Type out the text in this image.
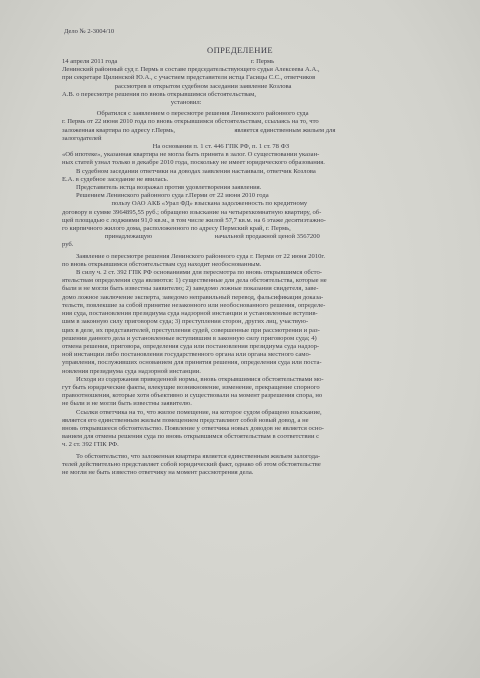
Дело № 2-3004/10
ОПРЕДЕЛЕНИЕ

14 апреля 2011 года                                                                                 г. Пермь

Ленинский районный суд г. Пермь в составе председательствующего судьи Алексеева А.А.,

при секретаре Цилинской Ю.А., с участием представителя истца Гасицы С.С., ответчиков

рассмотрев в открытом судебном заседании заявление Козлова

А.В. о пересмотре решения по вновь открывшимся обстоятельствам,

установил:

Обратился с заявлением о пересмотре решения Ленинского районного суда

г. Пермь от 22 июня 2010 года по вновь открывшимся обстоятельствам, ссылаясь на то, что

заложенная квартира по адресу г.Пермь,                                    является единственным жильем для

залогодателей

На основании п. 1 ст. 446 ГПК РФ, п. 1 ст. 78 ФЗ

«Об ипотеке», указанная квартира не могла быть принята в залог. О существовании указан-

ных статей узнал только в декабре 2010 года, поскольку не имеет юридического образования.

В судебном заседании ответчики на доводах заявления настаивали, ответчик Козлова

Е.А. в судебное заседание не явилась.

Представитель истца возражал против удовлетворения заявления.

Решением Ленинского районного суда г.Перми от 22 июня 2010 года

пользу ОАО АКБ «Урал ФД» взыскана задолженность по кредитному

договору в сумме 3964895,55 руб.; обращено взыскание на четырехкомнатную квартиру, об-

щей площадью с лоджиями 91,0 кв.м., в том числе жилой 57,7 кв.м. на 6 этаже десятиэтажно-

го кирпичного жилого дома, расположенного по адресу Пермский край, г. Пермь,

принадлежащую                                      начальной продажной ценой 3567200

руб.

Заявление о пересмотре решения Ленинского районного суда г. Перми от 22 июня 2010г.

по вновь открывшимся обстоятельствам суд находит необоснованным.

В силу ч. 2 ст. 392 ГПК РФ основаниями для пересмотра по вновь открывшимся обсто-

ятельствам определения суда являются: 1) существенные для дела обстоятельства, которые не

были и не могли быть известны заявителю; 2) заведомо ложные показания свидетеля, заве-

домо ложное заключение эксперта, заведомо неправильный перевод, фальсификация доказа-

тельств, повлекшие за собой принятие незаконного или необоснованного решения, определе-

ния суда, постановления президиума суда надзорной инстанции и установленные вступив-

шим в законную силу приговором суда; 3) преступления сторон, других лиц, участвую-

щих в деле, их представителей, преступления судей, совершенные при рассмотрении и раз-

решении данного дела и установленные вступившим в законную силу приговором суда; 4)

отмена решения, приговора, определения суда или постановления президиума суда надзор-

ной инстанции либо постановления государственного органа или органа местного само-

управления, послуживших основанием для принятия решения, определения суда или поста-

новления президиума суда надзорной инстанции.

Исходя из содержания приведенной нормы, вновь открывшимися обстоятельствами мо-

гут быть юридические факты, влекущие возникновение, изменение, прекращение спорного

правоотношения, которые хотя объективно и существовали на момент разрешения спора, но

не были и не могли быть известны заявителю.

Ссылки ответчика на то, что жилое помещение, на которое судом обращено взыскание,

является его единственным жилым помещением представляют собой новый довод, а не

вновь открывшееся обстоятельство. Появление у ответчика новых доводов не является осно-

ванием для отмены решения суда по вновь открывшимся обстоятельствам в соответствии с

ч. 2 ст. 392 ГПК РФ.

То обстоятельство, что заложенная квартира является единственным жильем залогода-

телей действительно представляет собой юридический факт, однако об этом обстоятельстве

не могли не быть известно ответчику на момент рассмотрения дела.
